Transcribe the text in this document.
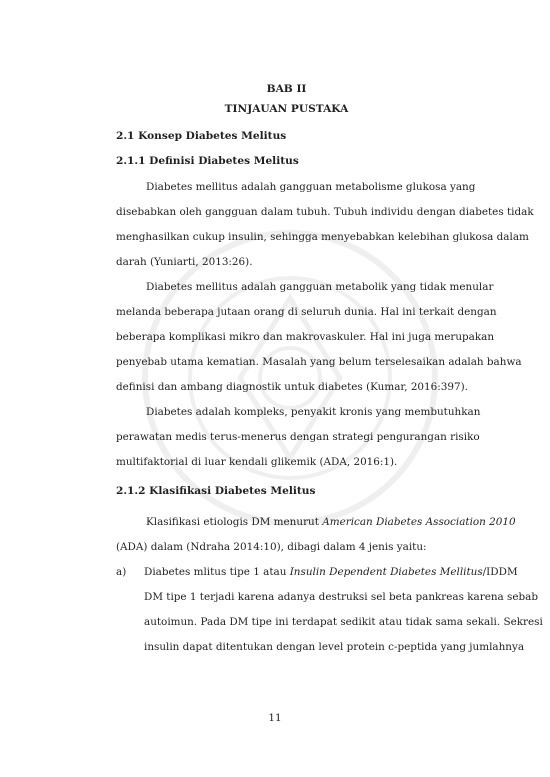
BAB II
TINJAUAN PUSTAKA
2.1 Konsep Diabetes Melitus
2.1.1 Definisi Diabetes Melitus
Diabetes mellitus adalah gangguan metabolisme glukosa yang
disebabkan oleh gangguan dalam tubuh. Tubuh individu dengan diabetes tidak
menghasilkan cukup insulin, sehingga menyebabkan kelebihan glukosa dalam
darah (Yuniarti, 2013:26).
Diabetes mellitus adalah gangguan metabolik yang tidak menular
melanda beberapa jutaan orang di seluruh dunia. Hal ini terkait dengan
beberapa komplikasi mikro dan makrovaskuler. Hal ini juga merupakan
penyebab utama kematian. Masalah yang belum terselesaikan adalah bahwa
definisi dan ambang diagnostik untuk diabetes (Kumar, 2016:397).
Diabetes adalah kompleks, penyakit kronis yang membutuhkan
perawatan medis terus-menerus dengan strategi pengurangan risiko
multifaktorial di luar kendali glikemik (ADA, 2016:1).
2.1.2 Klasifikasi Diabetes Melitus
Klasifikasi etiologis DM menurut American Diabetes Association 2010
(ADA) dalam (Ndraha 2014:10), dibagi dalam 4 jenis yaitu:
a) Diabetes mlitus tipe 1 atau Insulin Dependent Diabetes Mellitus/IDDM
DM tipe 1 terjadi karena adanya destruksi sel beta pankreas karena sebab
autoimun. Pada DM tipe ini terdapat sedikit atau tidak sama sekali. Sekresi
insulin dapat ditentukan dengan level protein c-peptida yang jumlahnya
11
